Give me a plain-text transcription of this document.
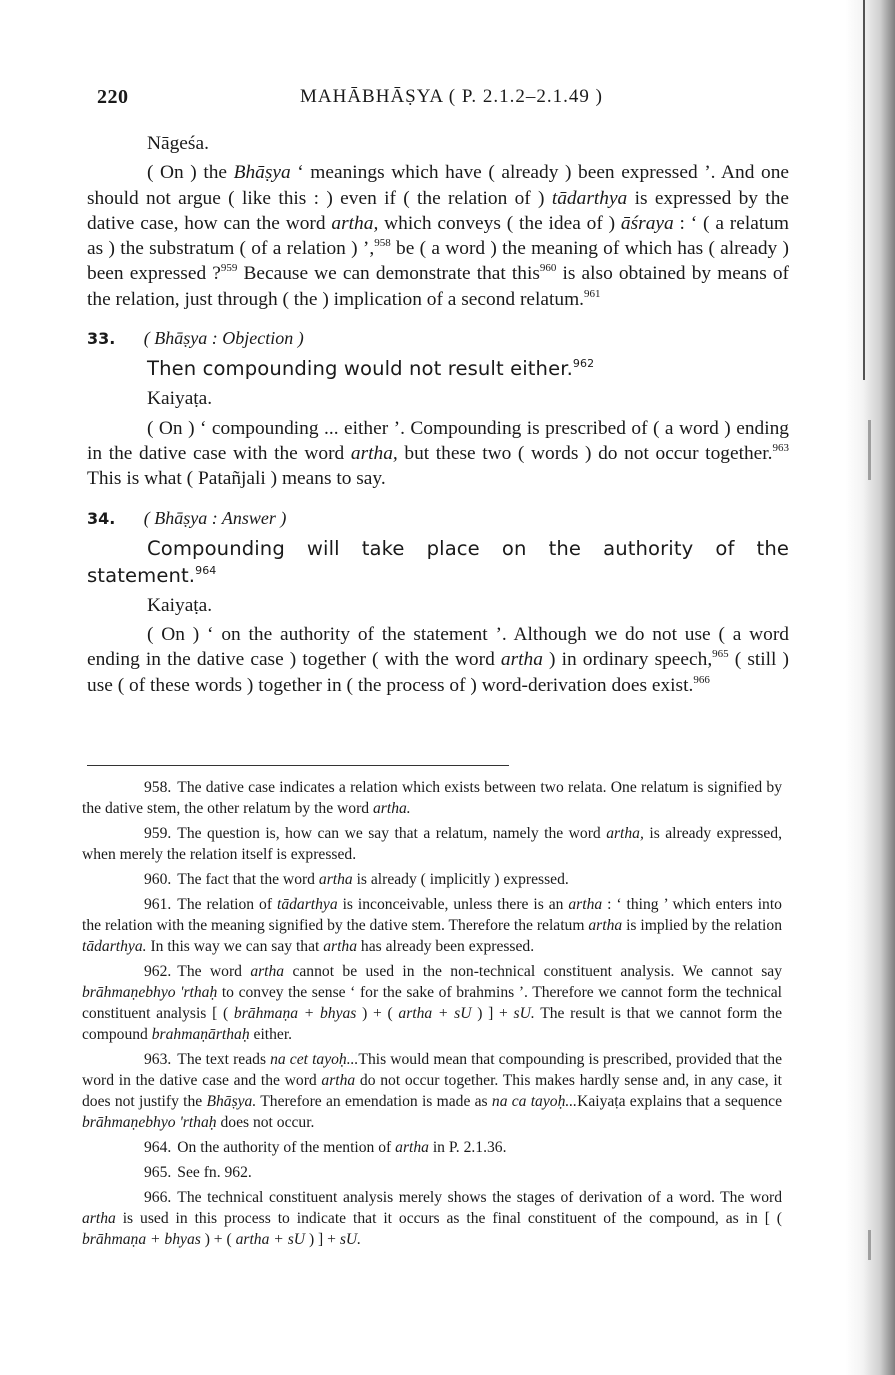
220	MAHĀBHĀṢYA ( P. 2.1.2–2.1.49 )

Nāgeśa.

( On ) the Bhāṣya ‘ meanings which have ( already ) been expressed ’. And one should not argue ( like this : ) even if ( the relation of ) tādarthya is expressed by the dative case, how can the word artha, which conveys ( the idea of ) āśraya : ‘ ( a relatum as ) the substratum ( of a relation ) ’,$^{958}$ be ( a word ) the meaning of which has ( already ) been expressed ?$^{959}$ Because we can demonstrate that this$^{960}$ is also obtained by means of the relation, just through ( the ) implication of a second relatum.$^{961}$

33. ( Bhāṣya : Objection )

Then compounding would not result either.$^{962}$

Kaiyaṭa.

( On ) ‘ compounding ... either ’. Compounding is prescribed of ( a word ) ending in the dative case with the word artha, but these two ( words ) do not occur together.$^{963}$ This is what ( Patañjali ) means to say.

34. ( Bhāṣya : Answer )

Compounding will take place on the authority of the statement.$^{964}$

Kaiyaṭa.

( On ) ‘ on the authority of the statement ’. Although we do not use ( a word ending in the dative case ) together ( with the word artha ) in ordinary speech,$^{965}$ ( still ) use ( of these words ) together in ( the process of ) word-derivation does exist.$^{966}$

958. The dative case indicates a relation which exists between two relata. One relatum is signified by the dative stem, the other relatum by the word artha.

959. The question is, how can we say that a relatum, namely the word artha, is already expressed, when merely the relation itself is expressed.

960. The fact that the word artha is already ( implicitly ) expressed.

961. The relation of tādarthya is inconceivable, unless there is an artha : ‘ thing ’ which enters into the relation with the meaning signified by the dative stem. Therefore the relatum artha is implied by the relation tādarthya. In this way we can say that artha has already been expressed.

962. The word artha cannot be used in the non-technical constituent analysis. We cannot say brāhmaṇebhyo 'rthaḥ to convey the sense ‘ for the sake of brahmins ’. Therefore we cannot form the technical constituent analysis [ ( brāhmaṇa + bhyas ) + ( artha + sU ) ] + sU. The result is that we cannot form the compound brahmaṇārthaḥ either.

963. The text reads na cet tayoḥ...This would mean that compounding is prescribed, provided that the word in the dative case and the word artha do not occur together. This makes hardly sense and, in any case, it does not justify the Bhāṣya. Therefore an emendation is made as na ca tayoḥ...Kaiyaṭa explains that a sequence brāhmaṇebhyo 'rthaḥ does not occur.

964. On the authority of the mention of artha in P. 2.1.36.

965. See fn. 962.

966. The technical constituent analysis merely shows the stages of derivation of a word. The word artha is used in this process to indicate that it occurs as the final constituent of the compound, as in [ ( brāhmaṇa + bhyas ) + ( artha + sU ) ] + sU.
